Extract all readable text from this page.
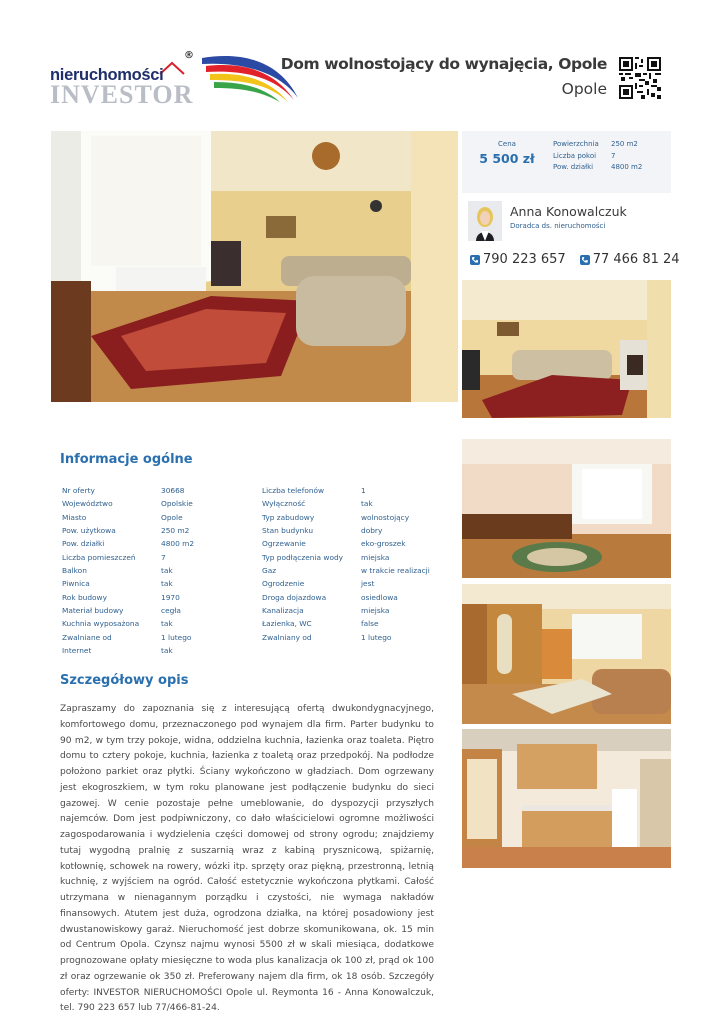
®
nieruchomości
INVESTOR
Dom wolnostojący do wynajęcia, Opole
Opole
Cena
5 500 zł
Powierzchnia	250 m2
Liczba pokoi	7
Pow. działki	4800 m2
Anna Konowalczuk
Doradca ds. nieruchomości
790 223 657 77 466 81 24
Informacje ogólne
Nr oferty	30668
Województwo	Opolskie
Miasto	Opole
Pow. użytkowa	250 m2
Pow. działki	4800 m2
Liczba pomieszczeń	7
Balkon	tak
Piwnica	tak
Rok budowy	1970
Materiał budowy	cegła
Kuchnia wyposażona	tak
Zwalniane od	1 lutego
Internet	tak
Liczba telefonów	1
Wyłączność	tak
Typ zabudowy	wolnostojący
Stan budynku	dobry
Ogrzewanie	eko-groszek
Typ podłączenia wody	miejska
Gaz	w trakcie realizacji
Ogrodzenie	jest
Droga dojazdowa	osiedlowa
Kanalizacja	miejska
Łazienka, WC	false
Zwalniany od	1 lutego
Szczegółowy opis
Zapraszamy do zapoznania się z interesującą ofertą dwukondygnacyjnego, komfortowego domu, przeznaczonego pod wynajem dla firm. Parter budynku to 90 m2, w tym trzy pokoje, widna, oddzielna kuchnia, łazienka oraz toaleta. Piętro domu to cztery pokoje, kuchnia, łazienka z toaletą oraz przedpokój. Na podłodze położono parkiet oraz płytki. Ściany wykończono w gładziach. Dom ogrzewany jest ekogroszkiem, w tym roku planowane jest podłączenie budynku do sieci gazowej. W cenie pozostaje pełne umeblowanie, do dyspozycji przyszłych najemców. Dom jest podpiwniczony, co dało właścicielowi ogromne możliwości zagospodarowania i wydzielenia części domowej od strony ogrodu; znajdziemy tutaj wygodną pralnię z suszarnią wraz z kabiną prysznicową, spiżarnię, kotłownię, schowek na rowery, wózki itp. sprzęty oraz piękną, przestronną, letnią kuchnię, z wyjściem na ogród. Całość estetycznie wykończona płytkami. Całość utrzymana w nienagannym porządku i czystości, nie wymaga nakładów finansowych. Atutem jest duża, ogrodzona działka, na której posadowiony jest dwustanowiskowy garaż. Nieruchomość jest dobrze skomunikowana, ok. 15 min od Centrum Opola. Czynsz najmu wynosi 5500 zł w skali miesiąca, dodatkowe prognozowane opłaty miesięczne to woda plus kanalizacja ok 100 zł, prąd ok 100 zł oraz ogrzewanie ok 350 zł. Preferowany najem dla firm, ok 18 osób. Szczegóły oferty: INVESTOR NIERUCHOMOŚCI Opole ul. Reymonta 16 - Anna Konowalczuk, tel. 790 223 657 lub 77/466-81-24.
